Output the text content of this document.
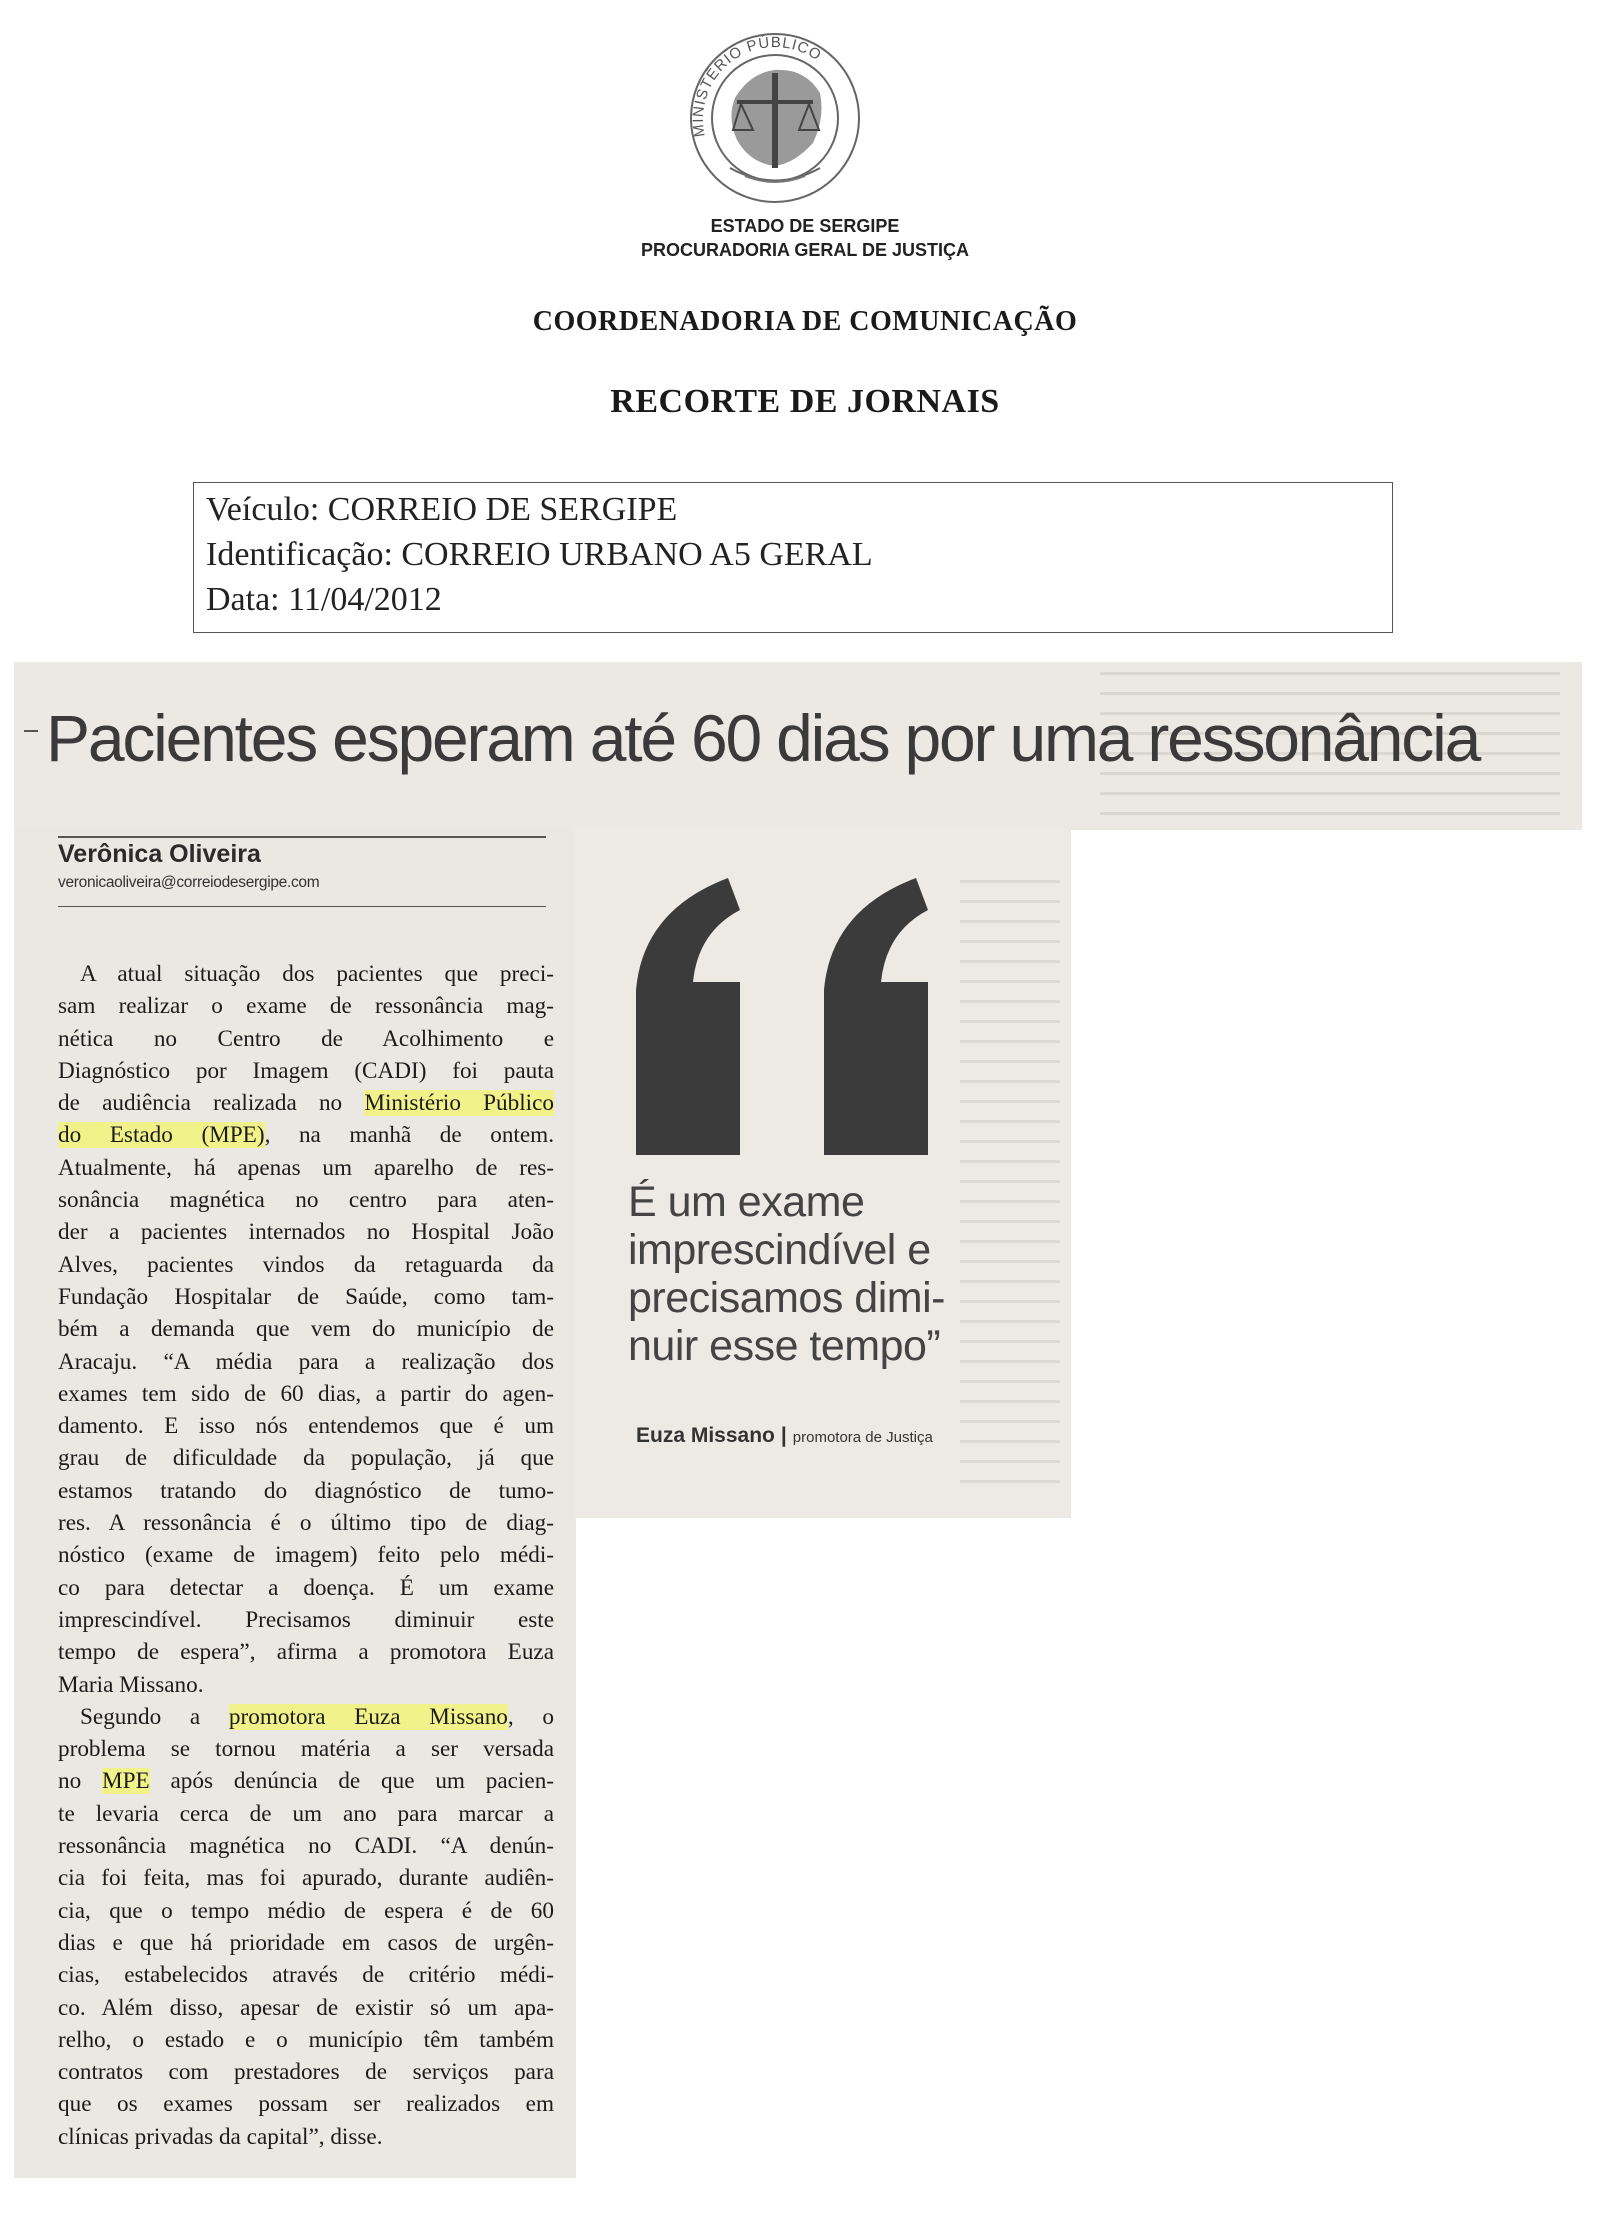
MINISTÉRIO PÚBLICO
ESTADO DE SERGIPE
PROCURADORIA GERAL DE JUSTIÇA
COORDENADORIA DE COMUNICAÇÃO
RECORTE DE JORNAIS
Veículo: CORREIO DE SERGIPE
Identificação: CORREIO URBANO A5 GERAL
Data: 11/04/2012
Pacientes esperam até 60 dias por uma ressonância
Verônica Oliveira
veronicaoliveira@correiodesergipe.com

A atual situação dos pacientes que preci-

sam realizar o exame de ressonância mag-

nética no Centro de Acolhimento e

Diagnóstico por Imagem (CADI) foi pauta

de audiência realizada no Ministério Público

do Estado (MPE), na manhã de ontem.

Atualmente, há apenas um aparelho de res-

sonância magnética no centro para aten-

der a pacientes internados no Hospital João

Alves, pacientes vindos da retaguarda da

Fundação Hospitalar de Saúde, como tam-

bém a demanda que vem do município de

Aracaju. “A média para a realização dos

exames tem sido de 60 dias, a partir do agen-

damento. E isso nós entendemos que é um

grau de dificuldade da população, já que

estamos tratando do diagnóstico de tumo-

res. A ressonância é o último tipo de diag-

nóstico (exame de imagem) feito pelo médi-

co para detectar a doença. É um exame

imprescindível. Precisamos diminuir este

tempo de espera”, afirma a promotora Euza

Maria Missano.

Segundo a promotora Euza Missano, o

problema se tornou matéria a ser versada

no MPE após denúncia de que um pacien-

te levaria cerca de um ano para marcar a

ressonância magnética no CADI. “A denún-

cia foi feita, mas foi apurado, durante audiên-

cia, que o tempo médio de espera é de 60

dias e que há prioridade em casos de urgên-

cias, estabelecidos através de critério médi-

co. Além disso, apesar de existir só um apa-

relho, o estado e o município têm também

contratos com prestadores de serviços para

que os exames possam ser realizados em

clínicas privadas da capital”, disse.

É um exame
imprescindível e
precisamos dimi-
nuir esse tempo”
Euza Missano | promotora de Justiça
